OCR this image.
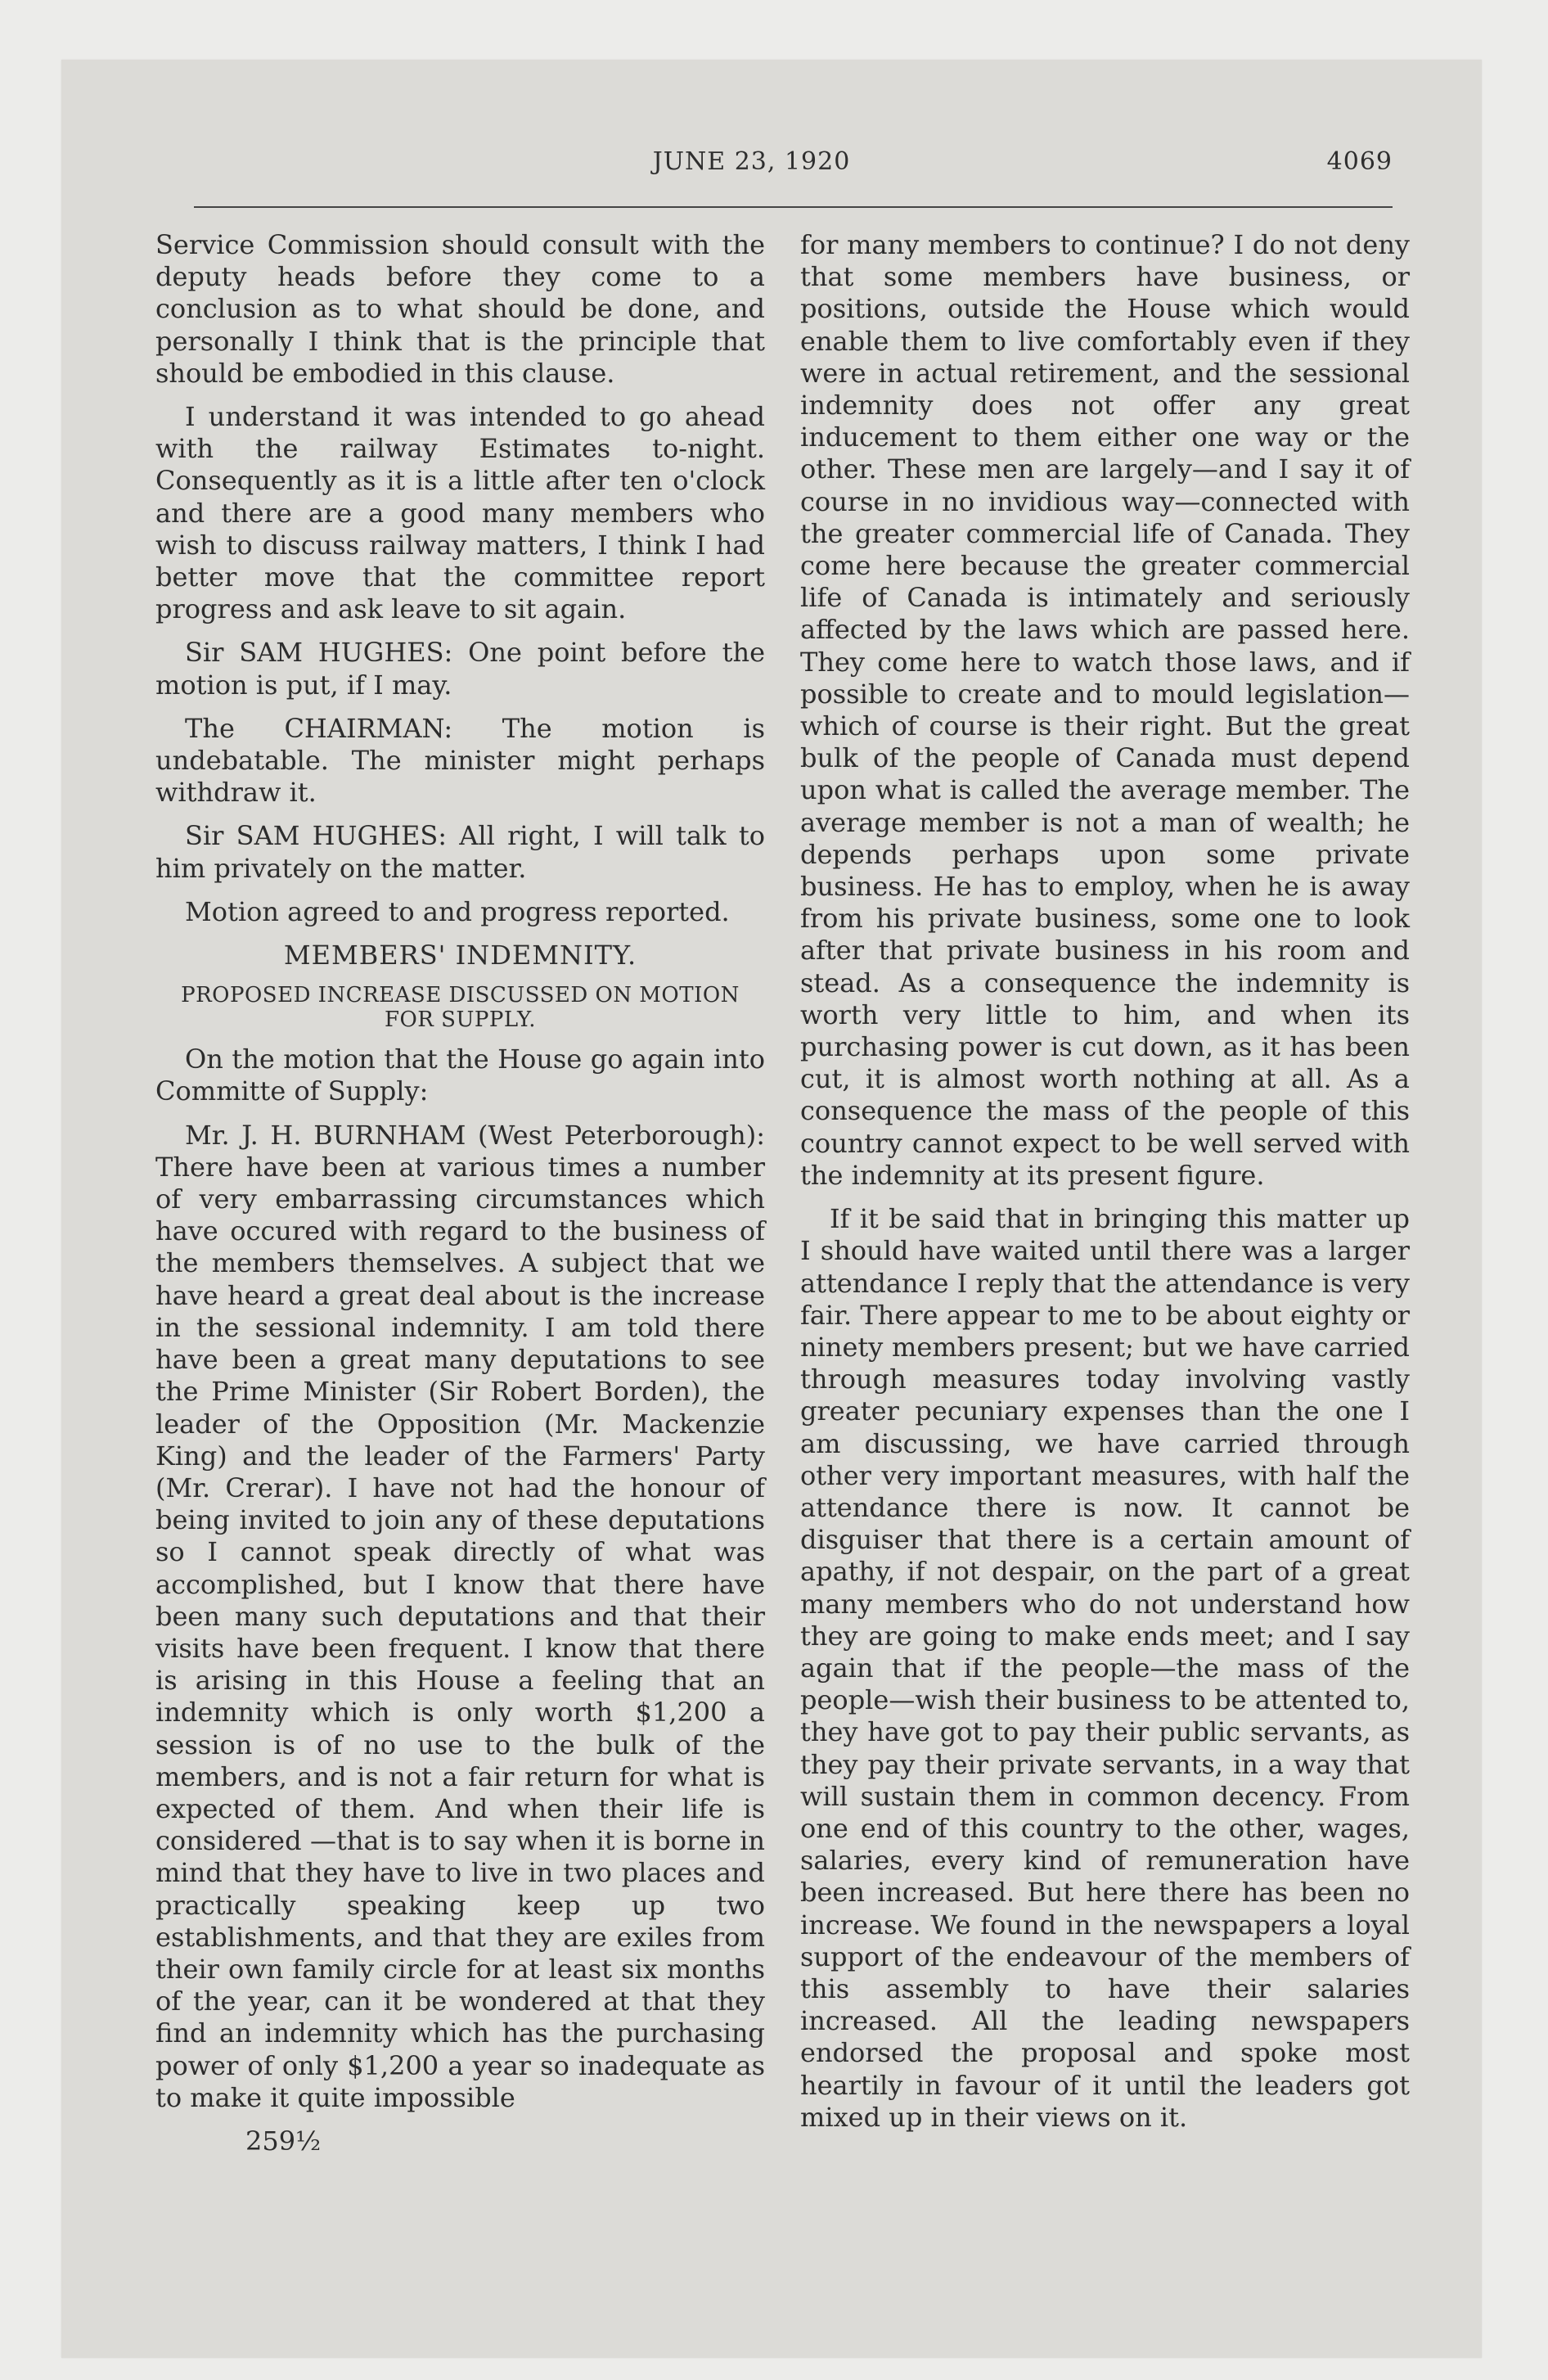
JUNE 23, 1920	4069

Service Commission should consult with the deputy heads before they come to a conclusion as to what should be done, and personally I think that is the principle that should be embodied in this clause.

I understand it was intended to go ahead with the railway Estimates to-night. Consequently as it is a little after ten o'clock and there are a good many members who wish to discuss railway matters, I think I had better move that the committee report progress and ask leave to sit again.

Sir SAM HUGHES: One point before the motion is put, if I may.

The CHAIRMAN: The motion is undebatable. The minister might perhaps withdraw it.

Sir SAM HUGHES: All right, I will talk to him privately on the matter.

Motion agreed to and progress reported.

MEMBERS' INDEMNITY.

PROPOSED INCREASE DISCUSSED ON MOTION FOR SUPPLY.

On the motion that the House go again into Committe of Supply:

Mr. J. H. BURNHAM (West Peterborough): There have been at various times a number of very embarrassing circumstances which have occured with regard to the business of the members themselves. A subject that we have heard a great deal about is the increase in the sessional indemnity. I am told there have been a great many deputations to see the Prime Minister (Sir Robert Borden), the leader of the Opposition (Mr. Mackenzie King) and the leader of the Farmers' Party (Mr. Crerar). I have not had the honour of being invited to join any of these deputations so I cannot speak directly of what was accomplished, but I know that there have been many such deputations and that their visits have been frequent. I know that there is arising in this House a feeling that an indemnity which is only worth $1,200 a session is of no use to the bulk of the members, and is not a fair return for what is expected of them. And when their life is considered —that is to say when it is borne in mind that they have to live in two places and practically speaking keep up two establishments, and that they are exiles from their own family circle for at least six months of the year, can it be wondered at that they find an indemnity which has the purchasing power of only $1,200 a year so inadequate as to make it quite impossible

259½

for many members to continue? I do not deny that some members have business, or positions, outside the House which would enable them to live comfortably even if they were in actual retirement, and the sessional indemnity does not offer any great inducement to them either one way or the other. These men are largely—and I say it of course in no invidious way—connected with the greater commercial life of Canada. They come here because the greater commercial life of Canada is intimately and seriously affected by the laws which are passed here. They come here to watch those laws, and if possible to create and to mould legislation—which of course is their right. But the great bulk of the people of Canada must depend upon what is called the average member. The average member is not a man of wealth; he depends perhaps upon some private business. He has to employ, when he is away from his private business, some one to look after that private business in his room and stead. As a consequence the indemnity is worth very little to him, and when its purchasing power is cut down, as it has been cut, it is almost worth nothing at all. As a consequence the mass of the people of this country cannot expect to be well served with the indemnity at its present figure.

If it be said that in bringing this matter up I should have waited until there was a larger attendance I reply that the attendance is very fair. There appear to me to be about eighty or ninety members present; but we have carried through measures today involving vastly greater pecuniary expenses than the one I am discussing, we have carried through other very important measures, with half the attendance there is now. It cannot be disguiser that there is a certain amount of apathy, if not despair, on the part of a great many members who do not understand how they are going to make ends meet; and I say again that if the people—the mass of the people—wish their business to be attented to, they have got to pay their public servants, as they pay their private servants, in a way that will sustain them in common decency. From one end of this country to the other, wages, salaries, every kind of remuneration have been increased. But here there has been no increase. We found in the newspapers a loyal support of the endeavour of the members of this assembly to have their salaries increased. All the leading newspapers endorsed the proposal and spoke most heartily in favour of it until the leaders got mixed up in their views on it.
